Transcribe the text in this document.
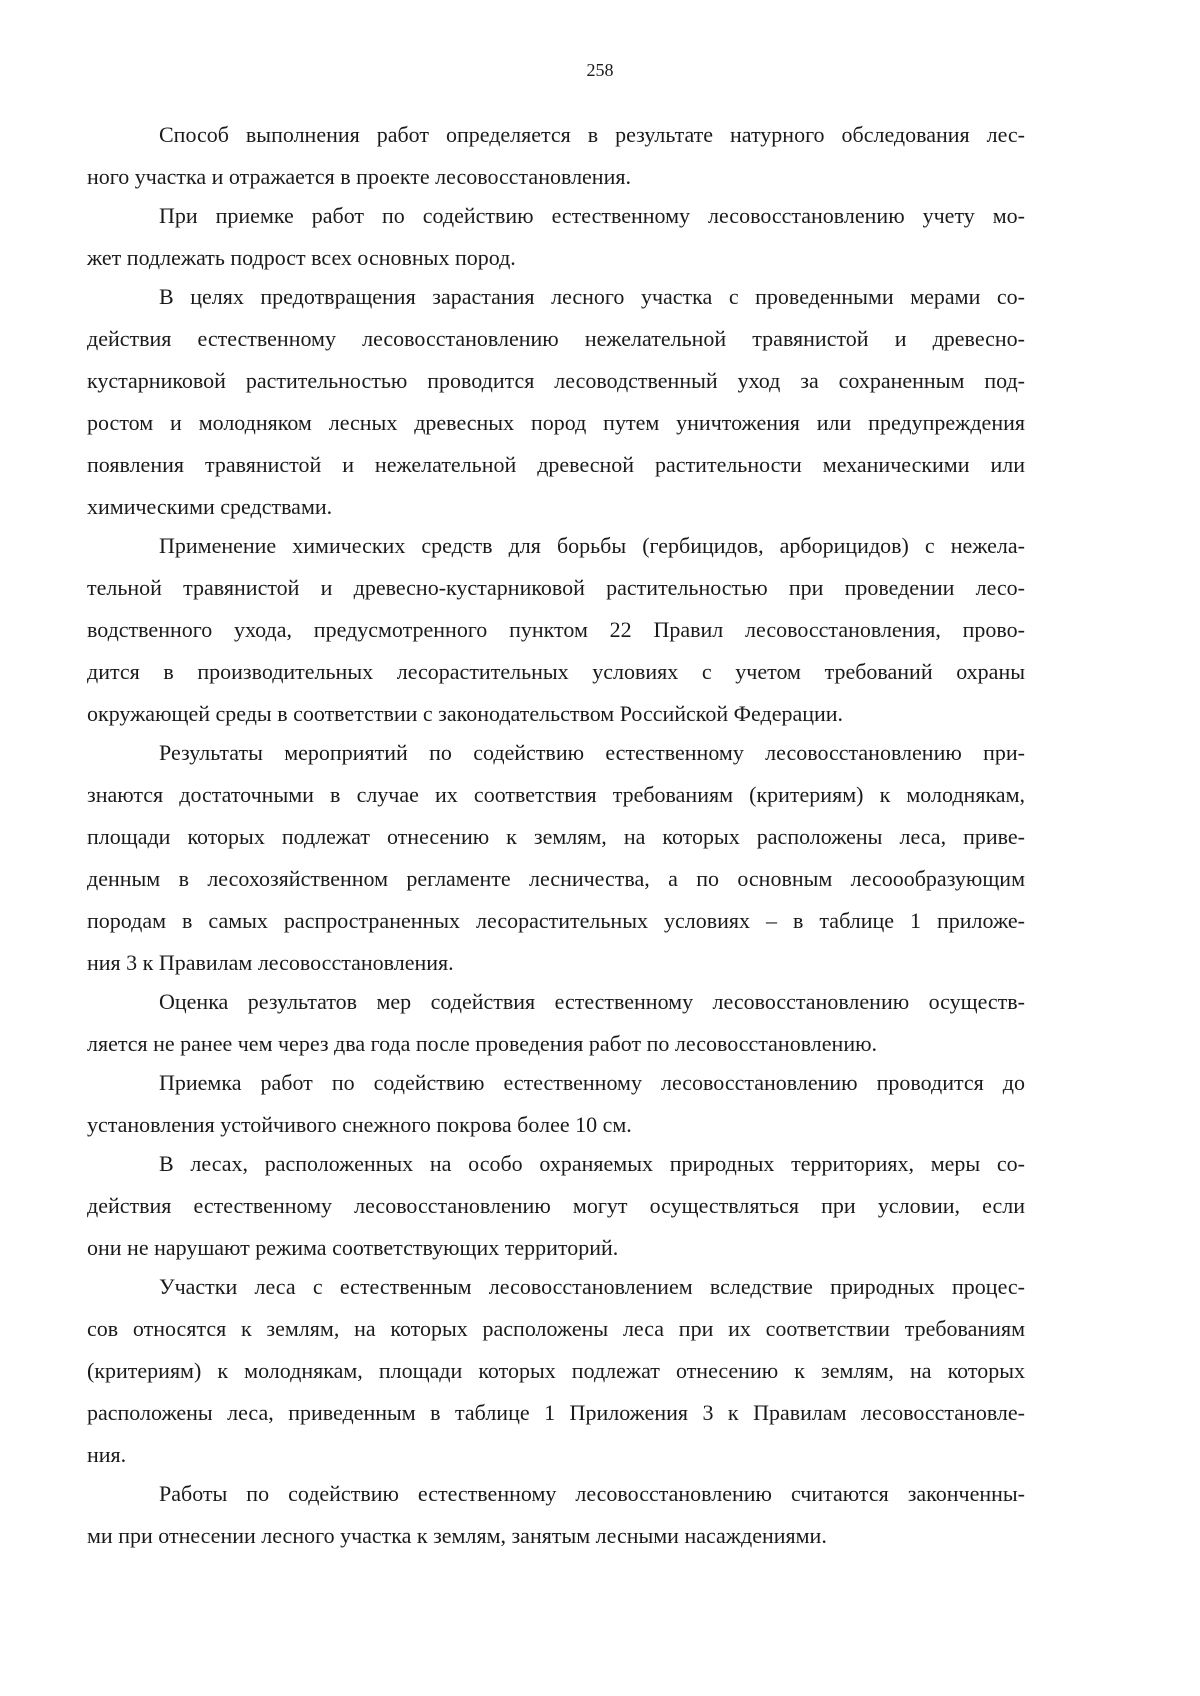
258
Способ выполнения работ определяется в результате натурного обследования лес-
ного участка и отражается в проекте лесовосстановления.
При приемке работ по содействию естественному лесовосстановлению учету мо-
жет подлежать подрост всех основных пород.
В целях предотвращения зарастания лесного участка с проведенными мерами со-
действия естественному лесовосстановлению нежелательной травянистой и древесно-
кустарниковой растительностью проводится лесоводственный уход за сохраненным под-
ростом и молодняком лесных древесных пород путем уничтожения или предупреждения
появления травянистой и нежелательной древесной растительности механическими или
химическими средствами.
Применение химических средств для борьбы (гербицидов, арборицидов) с нежела-
тельной травянистой и древесно-кустарниковой растительностью при проведении лесо-
водственного ухода, предусмотренного пунктом 22 Правил лесовосстановления, прово-
дится в производительных лесорастительных условиях с учетом требований охраны
окружающей среды в соответствии с законодательством Российской Федерации.
Результаты мероприятий по содействию естественному лесовосстановлению при-
знаются достаточными в случае их соответствия требованиям (критериям) к молоднякам,
площади которых подлежат отнесению к землям, на которых расположены леса, приве-
денным в лесохозяйственном регламенте лесничества, а по основным лесоообразующим
породам в самых распространенных лесорастительных условиях – в таблице 1 приложе-
ния 3 к Правилам лесовосстановления.
Оценка результатов мер содействия естественному лесовосстановлению осуществ-
ляется не ранее чем через два года после проведения работ по лесовосстановлению.
Приемка работ по содействию естественному лесовосстановлению проводится до
установления устойчивого снежного покрова более 10 см.
В лесах, расположенных на особо охраняемых природных территориях, меры со-
действия естественному лесовосстановлению могут осуществляться при условии, если
они не нарушают режима соответствующих территорий.
Участки леса с естественным лесовосстановлением вследствие природных процес-
сов относятся к землям, на которых расположены леса при их соответствии требованиям
(критериям) к молоднякам, площади которых подлежат отнесению к землям, на которых
расположены леса, приведенным в таблице 1 Приложения 3 к Правилам лесовосстановле-
ния.
Работы по содействию естественному лесовосстановлению считаются законченны-
ми при отнесении лесного участка к землям, занятым лесными насаждениями.
